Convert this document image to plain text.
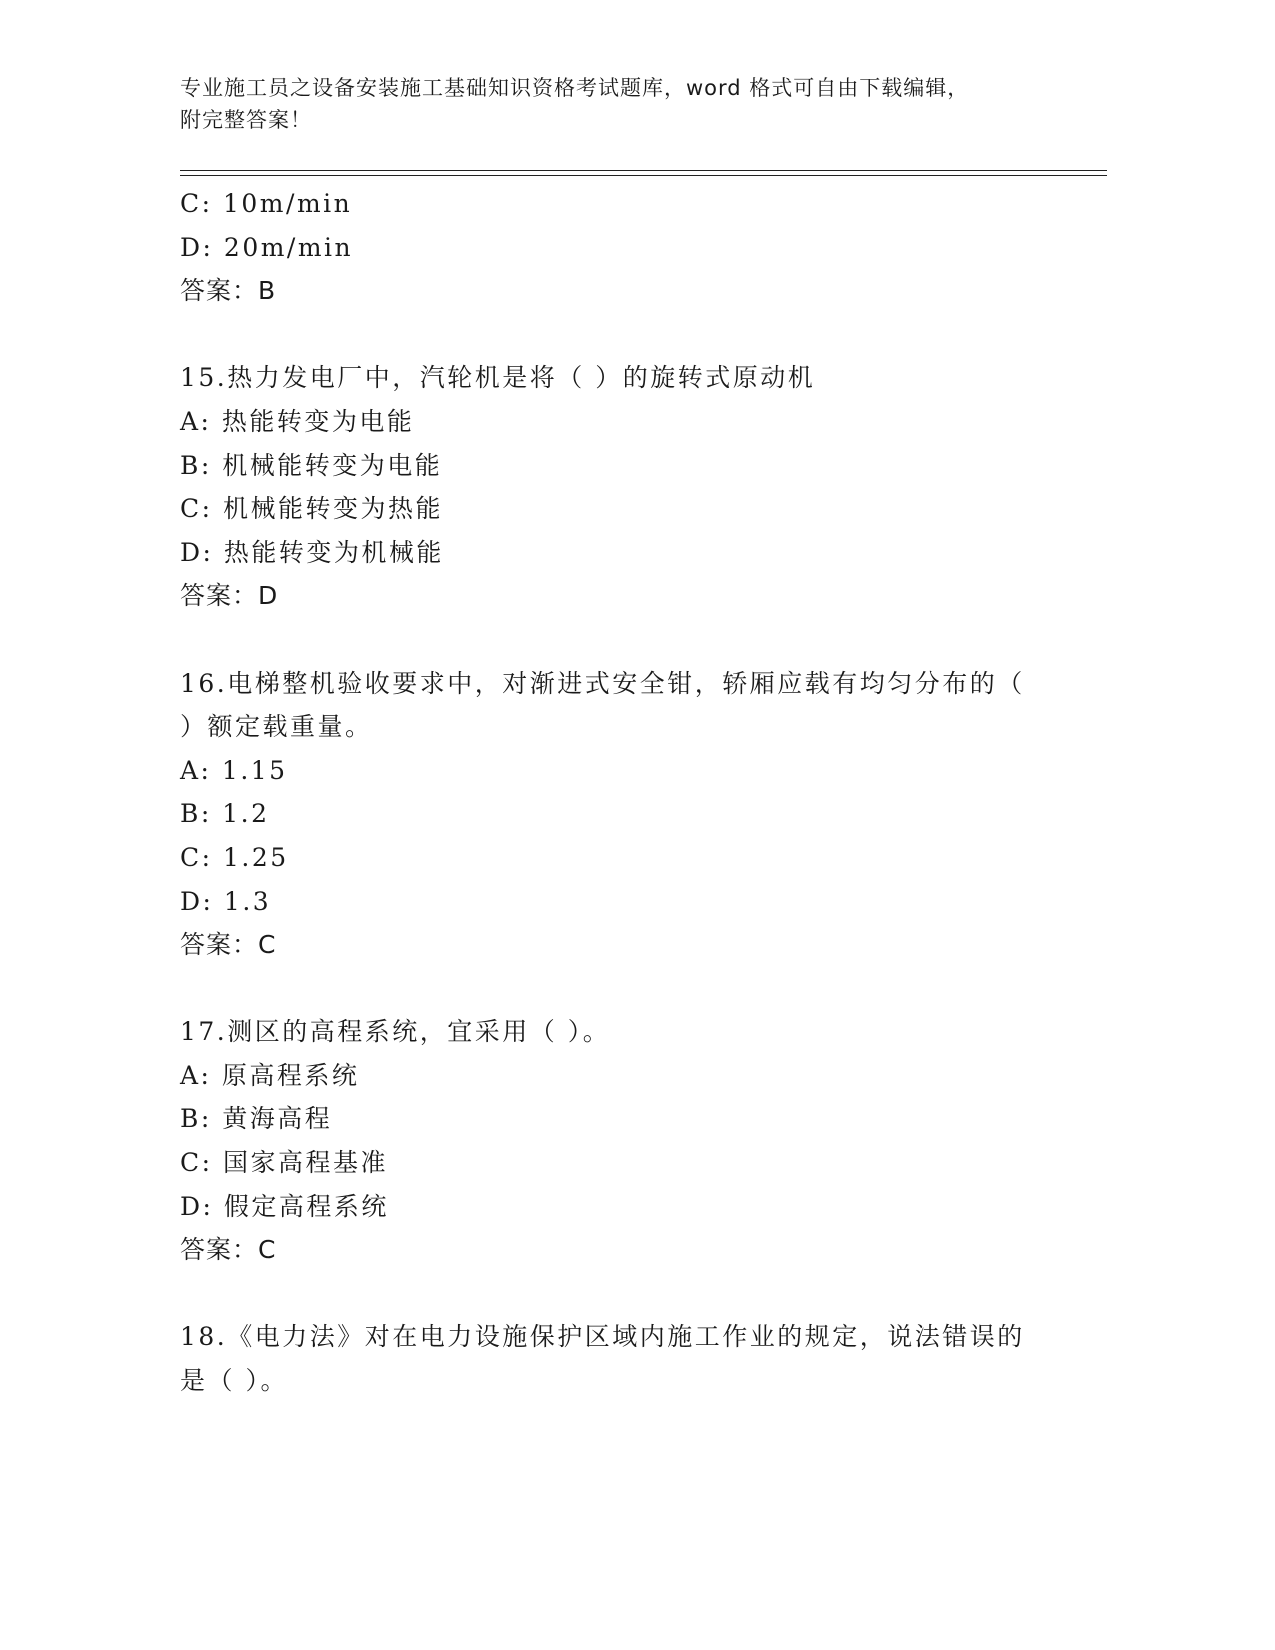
专业施工员之设备安装施工基础知识资格考试题库，word 格式可自由下载编辑，
附完整答案！
C: 10m/min
D: 20m/min
答案：B
15.热力发电厂中，汽轮机是将（ ）的旋转式原动机
A: 热能转变为电能
B: 机械能转变为电能
C: 机械能转变为热能
D: 热能转变为机械能
答案：D
16.电梯整机验收要求中，对渐进式安全钳，轿厢应载有均匀分布的（
）额定载重量。
A: 1.15
B: 1.2
C: 1.25
D: 1.3
答案：C
17.测区的高程系统，宜采用（ ）。
A: 原高程系统
B: 黄海高程
C: 国家高程基准
D: 假定高程系统
答案：C
18.《电力法》对在电力设施保护区域内施工作业的规定，说法错误的
是（ ）。
